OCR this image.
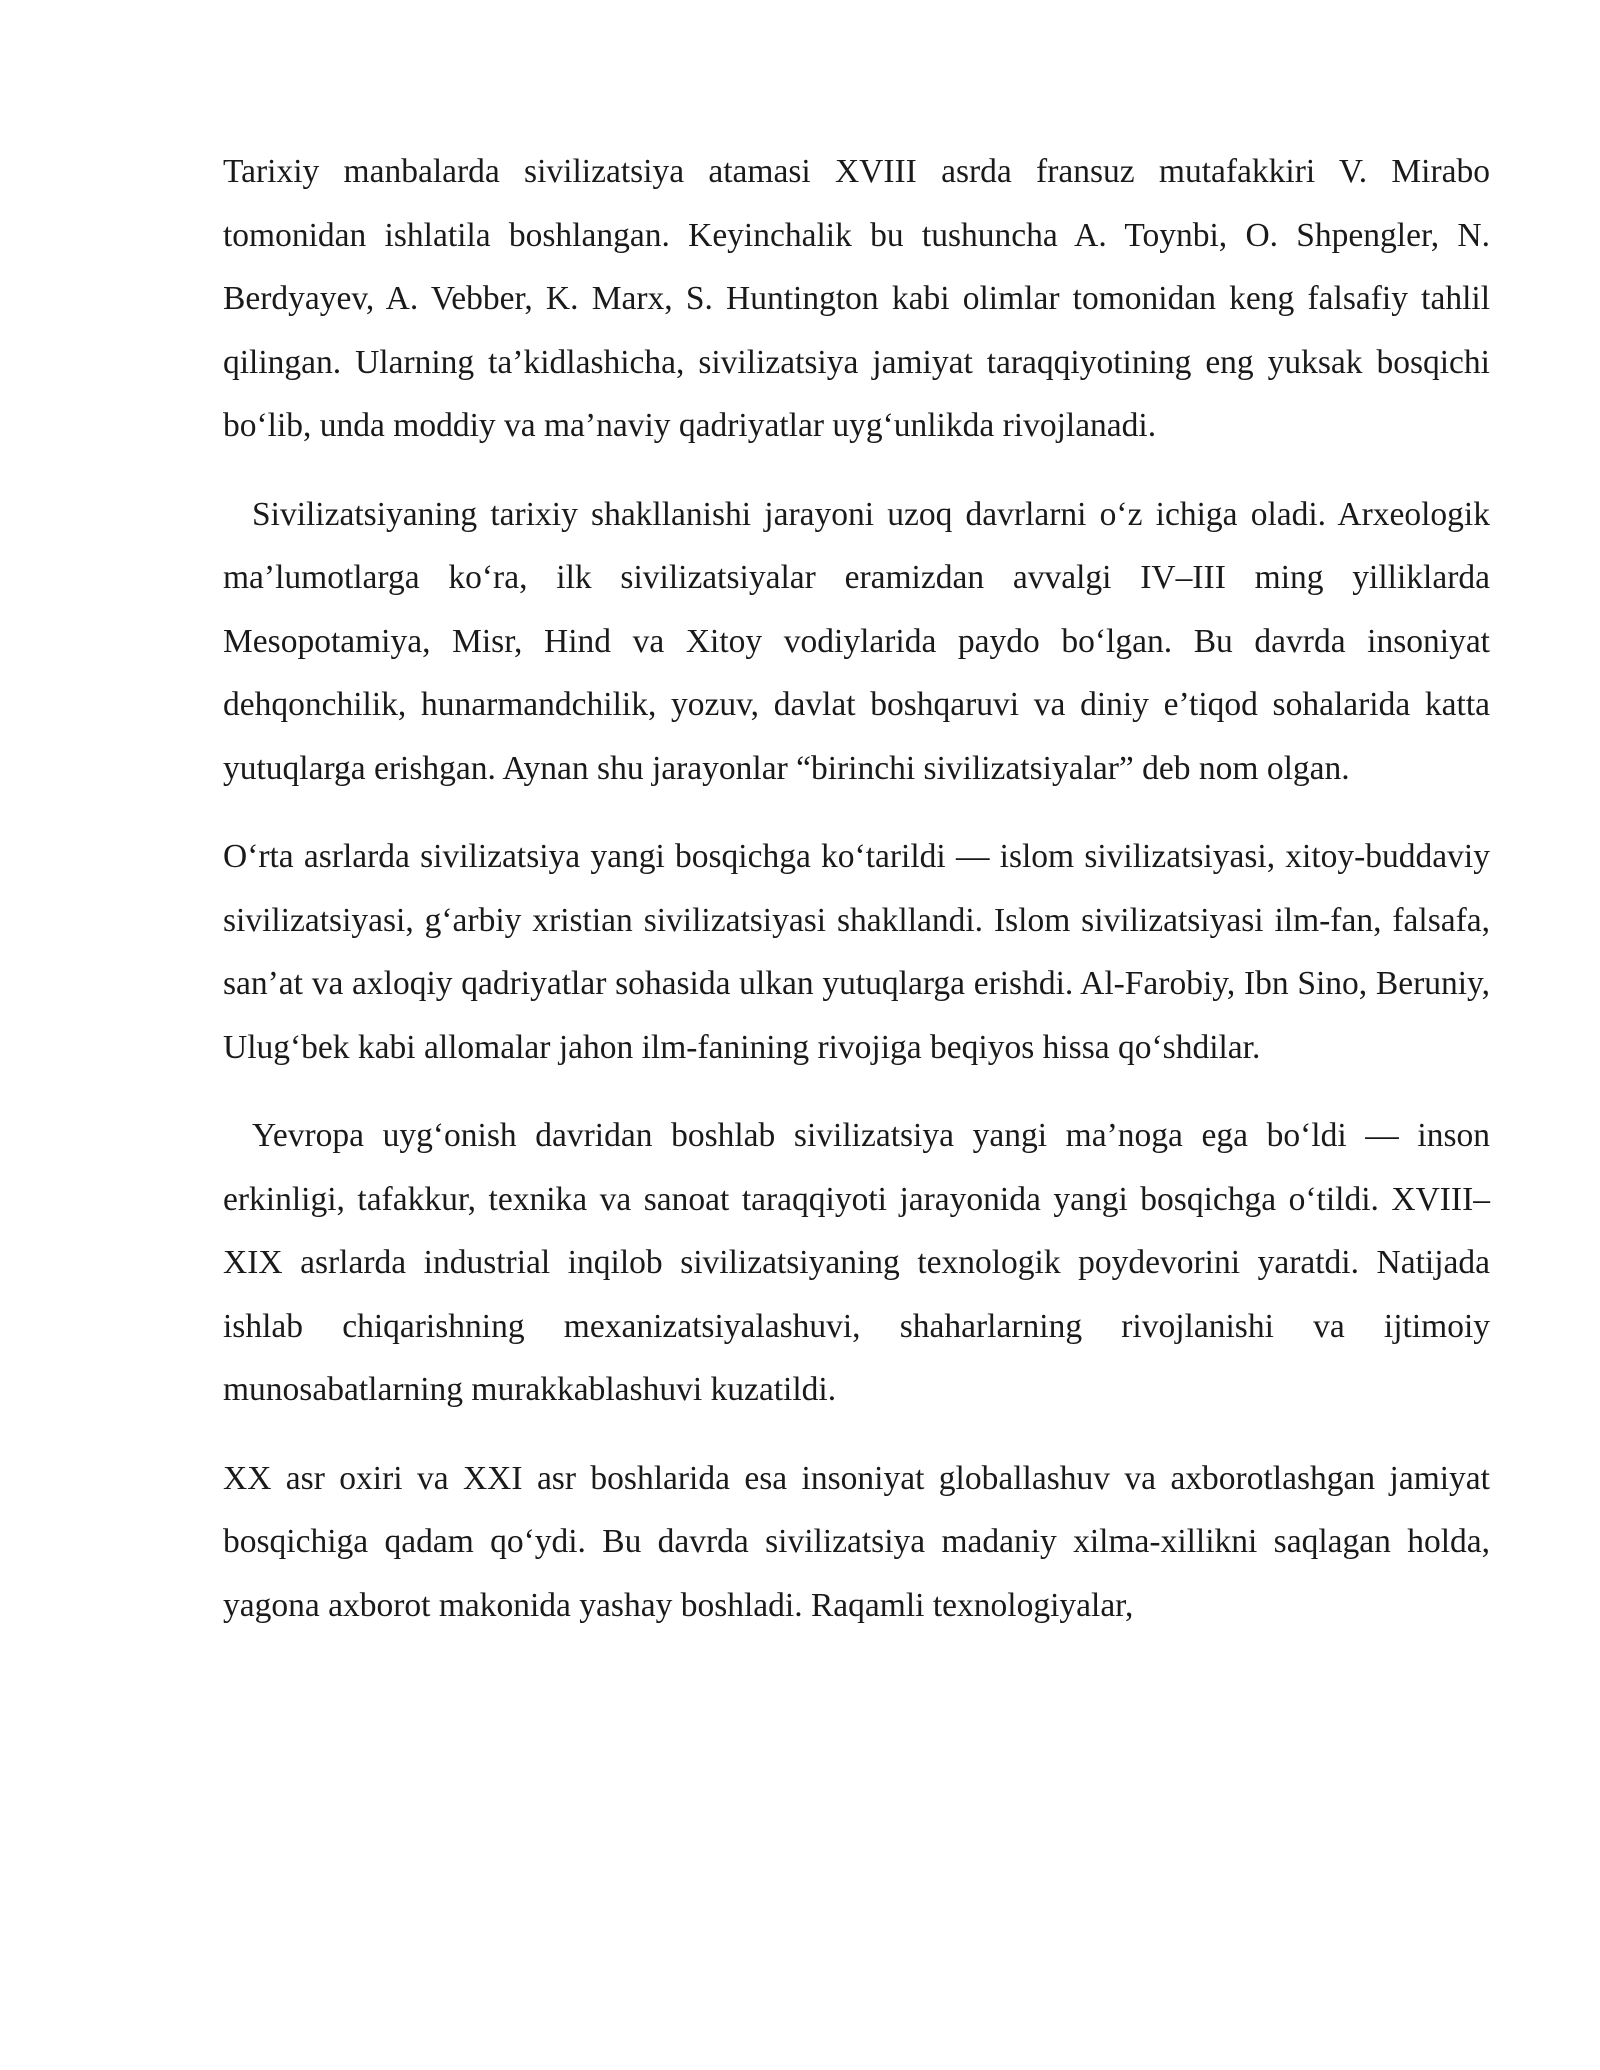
Tarixiy manbalarda sivilizatsiya atamasi XVIII asrda fransuz mutafakkiri V. Mirabo tomonidan ishlatila boshlangan. Keyinchalik bu tushuncha A. Toynbi, O. Shpengler, N. Berdyayev, A. Vebber, K. Marx, S. Huntington kabi olimlar tomonidan keng falsafiy tahlil qilingan. Ularning ta’kidlashicha, sivilizatsiya jamiyat taraqqiyotining eng yuksak bosqichi bo‘lib, unda moddiy va ma’naviy qadriyatlar uyg‘unlikda rivojlanadi.

Sivilizatsiyaning tarixiy shakllanishi jarayoni uzoq davrlarni o‘z ichiga oladi. Arxeologik ma’lumotlarga ko‘ra, ilk sivilizatsiyalar eramizdan avvalgi IV–III ming yilliklarda Mesopotamiya, Misr, Hind va Xitoy vodiylarida paydo bo‘lgan. Bu davrda insoniyat dehqonchilik, hunarmandchilik, yozuv, davlat boshqaruvi va diniy e’tiqod sohalarida katta yutuqlarga erishgan. Aynan shu jarayonlar “birinchi sivilizatsiyalar” deb nom olgan.

O‘rta asrlarda sivilizatsiya yangi bosqichga ko‘tarildi — islom sivilizatsiyasi, xitoy-buddaviy sivilizatsiyasi, g‘arbiy xristian sivilizatsiyasi shakllandi. Islom sivilizatsiyasi ilm-fan, falsafa, san’at va axloqiy qadriyatlar sohasida ulkan yutuqlarga erishdi. Al-Farobiy, Ibn Sino, Beruniy, Ulug‘bek kabi allomalar jahon ilm-fanining rivojiga beqiyos hissa qo‘shdilar.

Yevropa uyg‘onish davridan boshlab sivilizatsiya yangi ma’noga ega bo‘ldi — inson erkinligi, tafakkur, texnika va sanoat taraqqiyoti jarayonida yangi bosqichga o‘tildi. XVIII–XIX asrlarda industrial inqilob sivilizatsiyaning texnologik poydevorini yaratdi. Natijada ishlab chiqarishning mexanizatsiyalashuvi, shaharlarning rivojlanishi va ijtimoiy munosabatlarning murakkablashuvi kuzatildi.

XX asr oxiri va XXI asr boshlarida esa insoniyat globallashuv va axborotlashgan jamiyat bosqichiga qadam qo‘ydi. Bu davrda sivilizatsiya madaniy xilma-xillikni saqlagan holda, yagona axborot makonida yashay boshladi. Raqamli texnologiyalar,
